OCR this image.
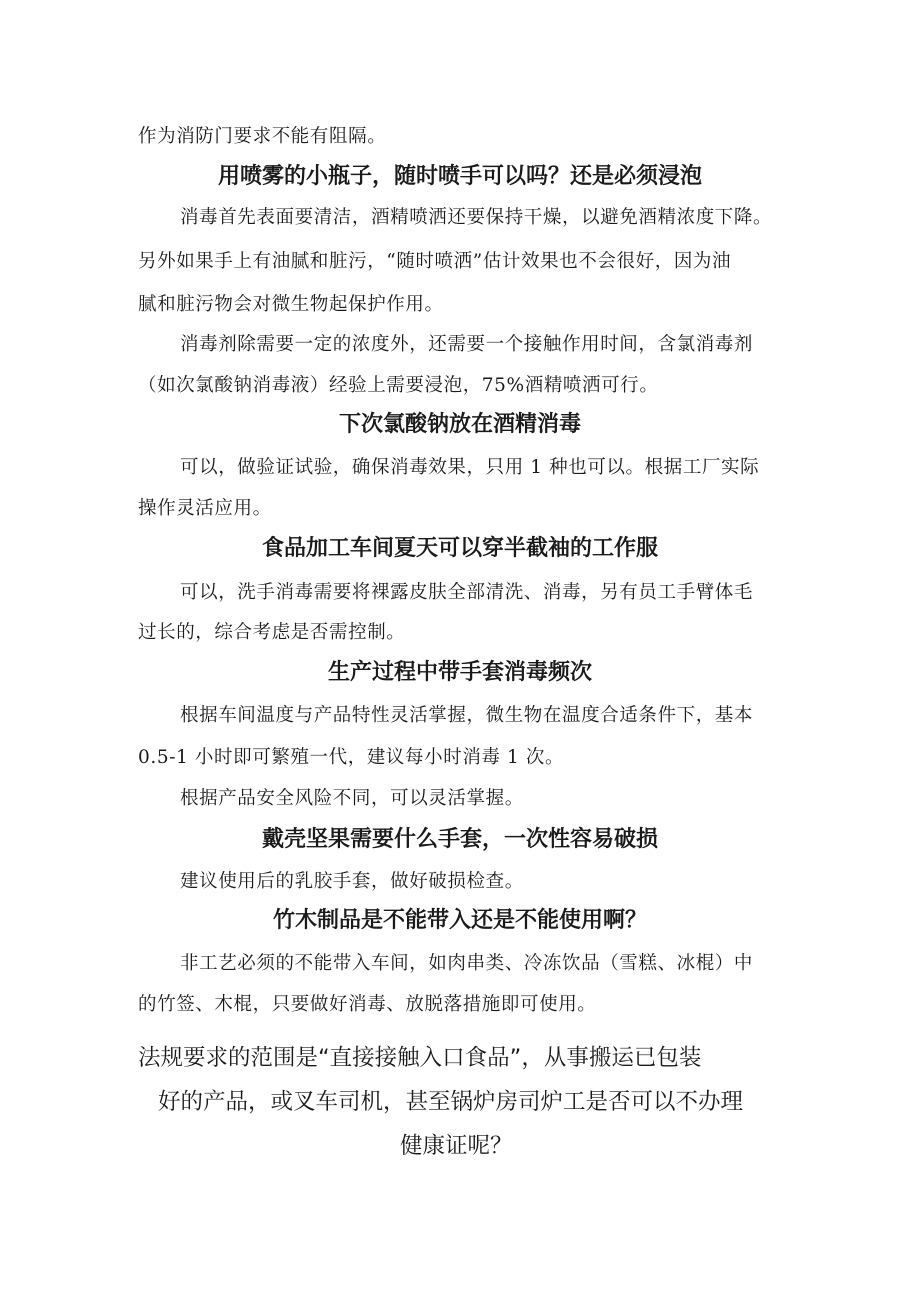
作为消防门要求不能有阻隔。

用喷雾的小瓶子，随时喷手可以吗？还是必须浸泡

消毒首先表面要清洁，酒精喷洒还要保持干燥，以避免酒精浓度下降。

另外如果手上有油腻和脏污，“随时喷洒”估计效果也不会很好，因为油

腻和脏污物会对微生物起保护作用。

消毒剂除需要一定的浓度外，还需要一个接触作用时间，含氯消毒剂

（如次氯酸钠消毒液）经验上需要浸泡，75%酒精喷洒可行。

下次氯酸钠放在酒精消毒

可以，做验证试验，确保消毒效果，只用 1 种也可以。根据工厂实际

操作灵活应用。

食品加工车间夏天可以穿半截袖的工作服

可以，洗手消毒需要将裸露皮肤全部清洗、消毒，另有员工手臂体毛

过长的，综合考虑是否需控制。

生产过程中带手套消毒频次

根据车间温度与产品特性灵活掌握，微生物在温度合适条件下，基本

0.5-1 小时即可繁殖一代，建议每小时消毒 1 次。

根据产品安全风险不同，可以灵活掌握。

戴壳坚果需要什么手套，一次性容易破损

建议使用后的乳胶手套，做好破损检查。

竹木制品是不能带入还是不能使用啊？

非工艺必须的不能带入车间，如肉串类、冷冻饮品（雪糕、冰棍）中

的竹签、木棍，只要做好消毒、放脱落措施即可使用。

法规要求的范围是“直接接触入口食品”，从事搬运已包装

好的产品，或叉车司机，甚至锅炉房司炉工是否可以不办理

健康证呢？
